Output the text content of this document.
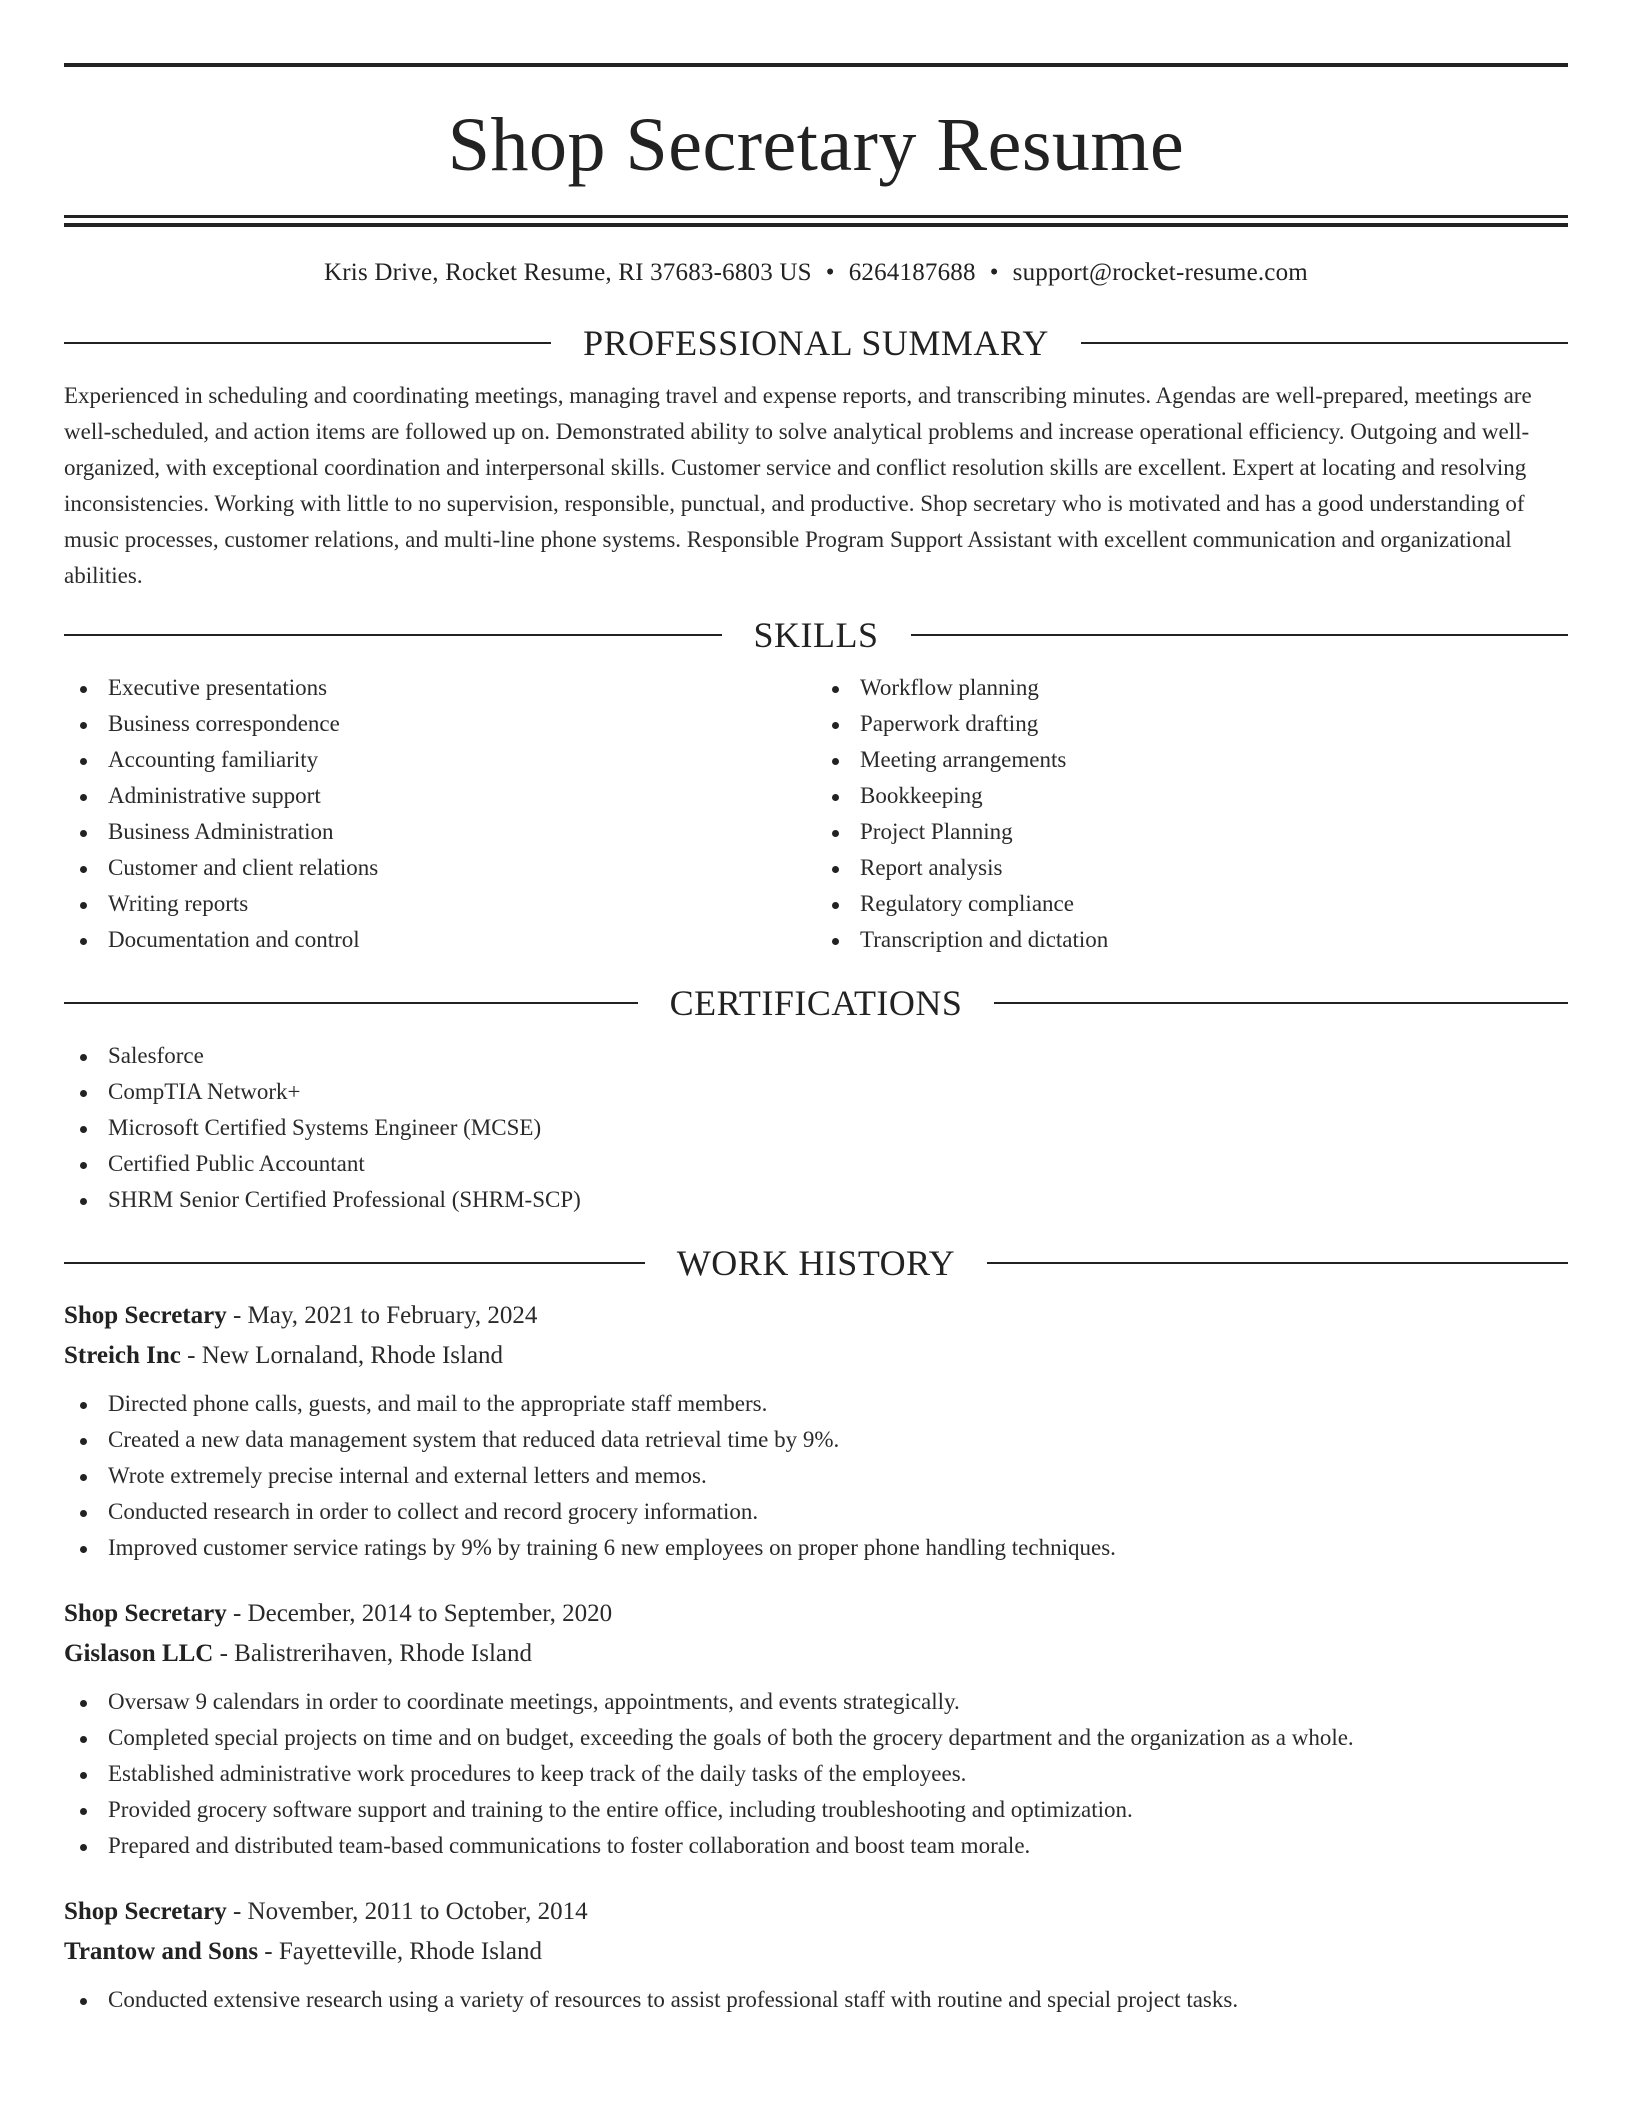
Shop Secretary Resume
Kris Drive, Rocket Resume, RI 37683-6803 US • 6264187688 • support@rocket-resume.com
PROFESSIONAL SUMMARY

Experienced in scheduling and coordinating meetings, managing travel and expense reports, and transcribing minutes. Agendas are well-prepared, meetings are well-scheduled, and action items are followed up on. Demonstrated ability to solve analytical problems and increase operational efficiency. Outgoing and well-organized, with exceptional coordination and interpersonal skills. Customer service and conflict resolution skills are excellent. Expert at locating and resolving inconsistencies. Working with little to no supervision, responsible, punctual, and productive. Shop secretary who is motivated and has a good understanding of music processes, customer relations, and multi-line phone systems. Responsible Program Support Assistant with excellent communication and organizational abilities.

SKILLS
Executive presentations
Business correspondence
Accounting familiarity
Administrative support
Business Administration
Customer and client relations
Writing reports
Documentation and control
Workflow planning
Paperwork drafting
Meeting arrangements
Bookkeeping
Project Planning
Report analysis
Regulatory compliance
Transcription and dictation
CERTIFICATIONS
Salesforce
CompTIA Network+
Microsoft Certified Systems Engineer (MCSE)
Certified Public Accountant
SHRM Senior Certified Professional (SHRM-SCP)
WORK HISTORY
Shop Secretary - May, 2021 to February, 2024
Streich Inc - New Lornaland, Rhode Island
Directed phone calls, guests, and mail to the appropriate staff members.
Created a new data management system that reduced data retrieval time by 9%.
Wrote extremely precise internal and external letters and memos.
Conducted research in order to collect and record grocery information.
Improved customer service ratings by 9% by training 6 new employees on proper phone handling techniques.
Shop Secretary - December, 2014 to September, 2020
Gislason LLC - Balistrerihaven, Rhode Island
Oversaw 9 calendars in order to coordinate meetings, appointments, and events strategically.
Completed special projects on time and on budget, exceeding the goals of both the grocery department and the organization as a whole.
Established administrative work procedures to keep track of the daily tasks of the employees.
Provided grocery software support and training to the entire office, including troubleshooting and optimization.
Prepared and distributed team-based communications to foster collaboration and boost team morale.
Shop Secretary - November, 2011 to October, 2014
Trantow and Sons - Fayetteville, Rhode Island
Conducted extensive research using a variety of resources to assist professional staff with routine and special project tasks.
